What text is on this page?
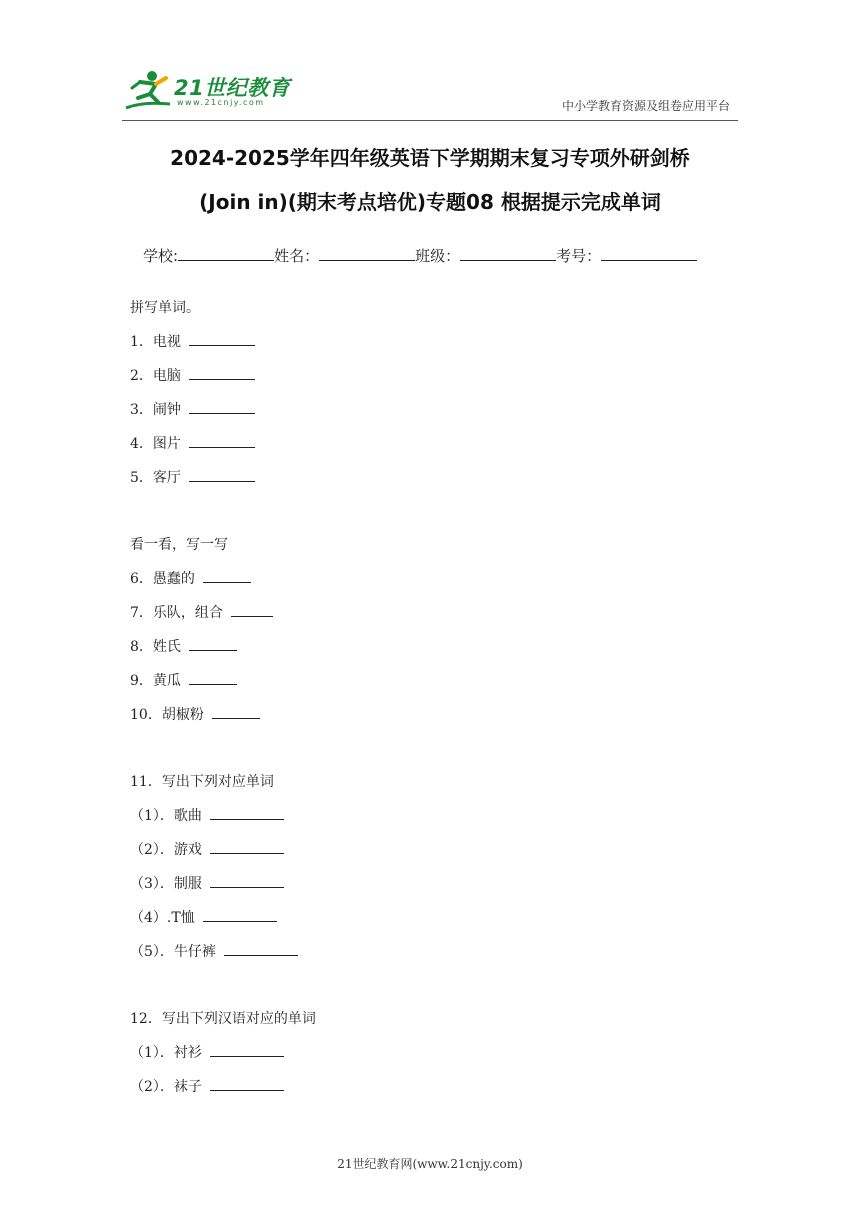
21世纪教育
www.21cnjy.com	中小学教育资源及组卷应用平台
2024-2025学年四年级英语下学期期末复习专项外研剑桥
(Join in)(期末考点培优)专题08 根据提示完成单词
学校:	姓名：	班级：	考号：
拼写单词。
1．电视
2．电脑
3．闹钟
4．图片
5．客厅
看一看，写一写
6．愚蠢的
7．乐队，组合
8．姓氏
9．黄瓜
10．胡椒粉
11．写出下列对应单词
（1）．歌曲
（2）．游戏
（3）．制服
（4）.T恤
（5）．牛仔裤
12．写出下列汉语对应的单词
（1）．衬衫
（2）．袜子
21世纪教育网(www.21cnjy.com)
